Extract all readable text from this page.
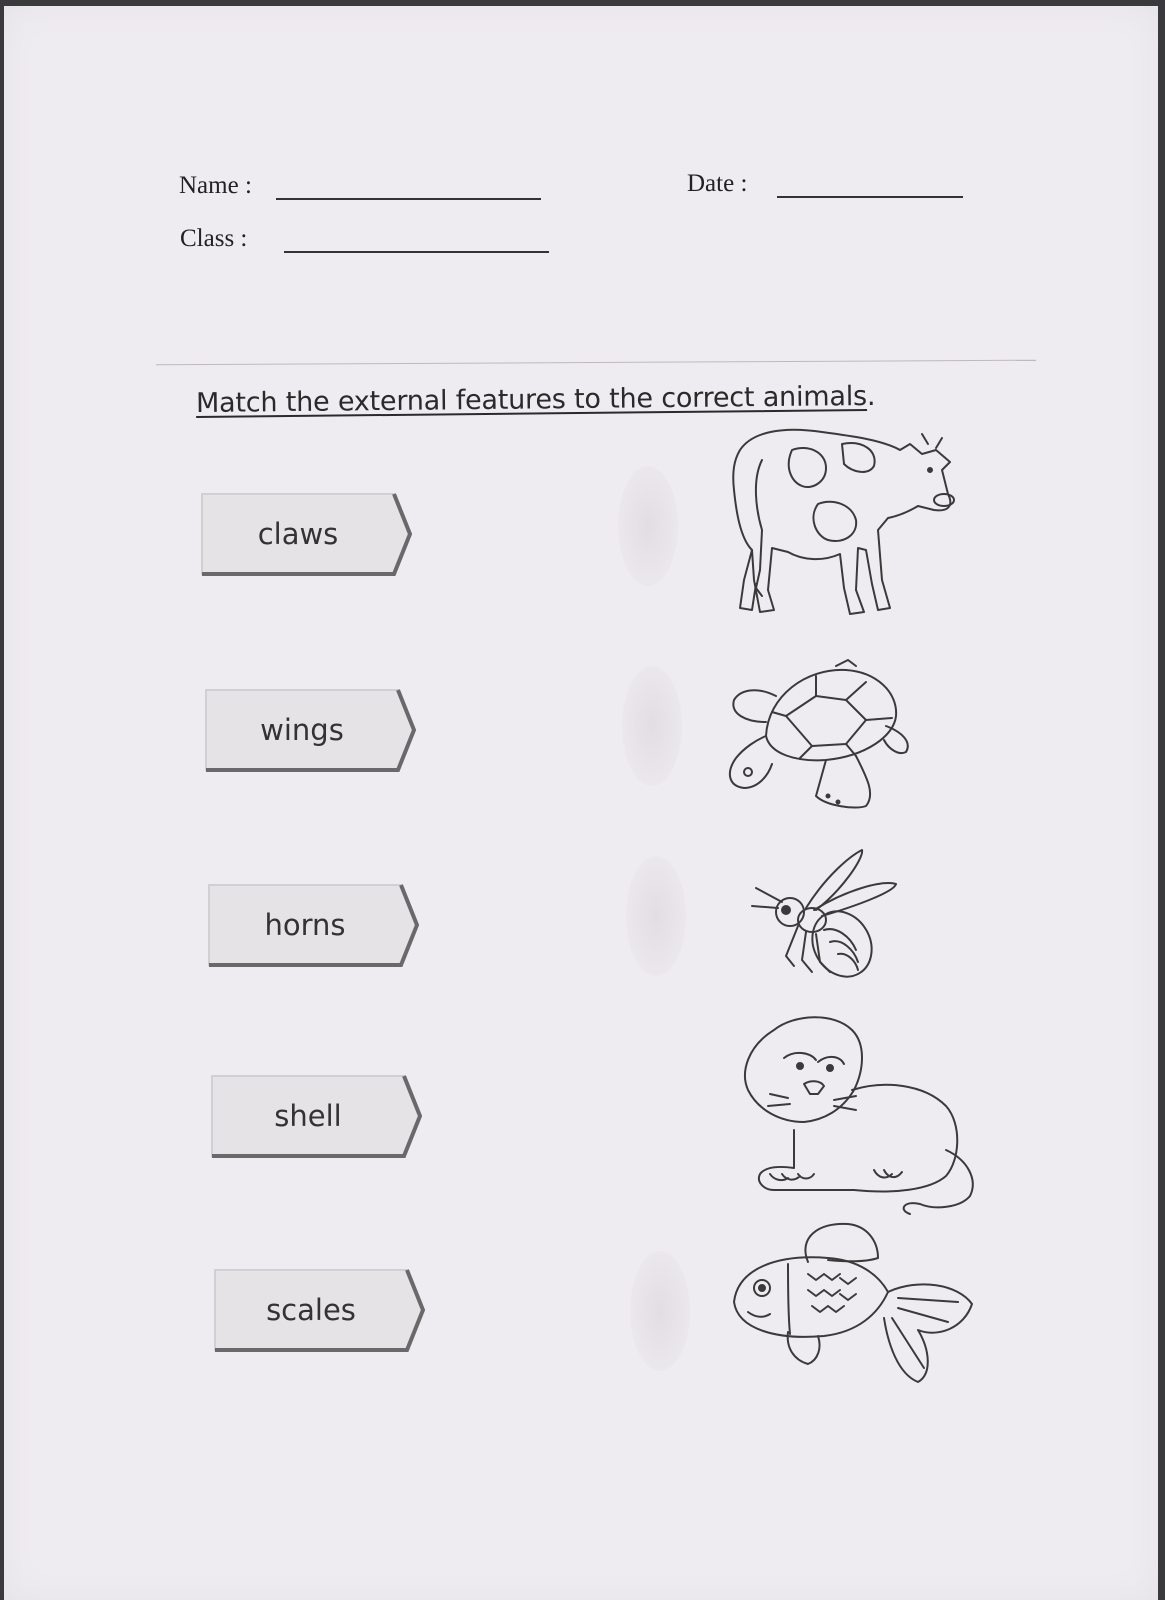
Name :	Date :
Class :
Match the external features to the correct animals.
claws
wings
horns
shell
scales
